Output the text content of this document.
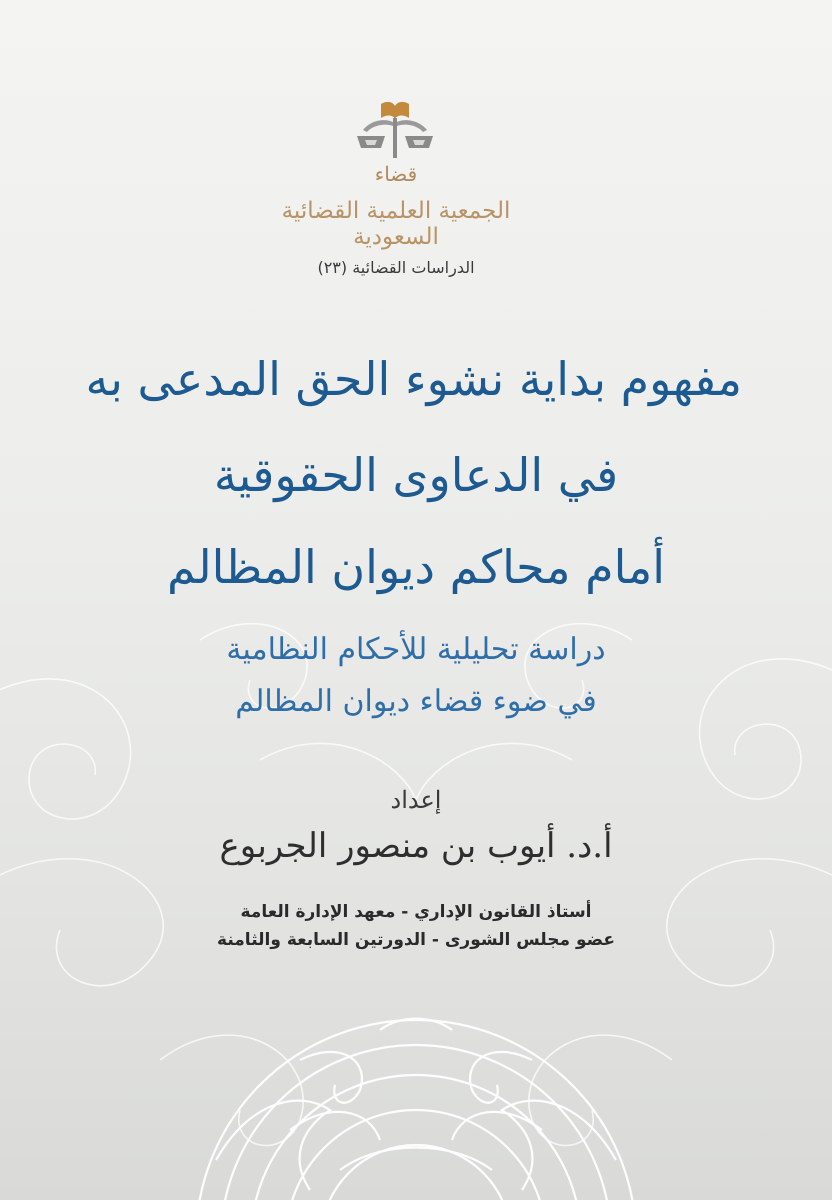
قضاء
الجمعية العلمية القضائية السعودية
الدراسات القضائية (٢٣)
مفهوم بداية نشوء الحق المدعى به
في الدعاوى الحقوقية
أمام محاكم ديوان المظالم
دراسة تحليلية للأحكام النظامية
في ضوء قضاء ديوان المظالم
إعداد
أ.د. أيوب بن منصور الجربوع
أستاذ القانون الإداري - معهد الإدارة العامة
عضو مجلس الشورى - الدورتين السابعة والثامنة
